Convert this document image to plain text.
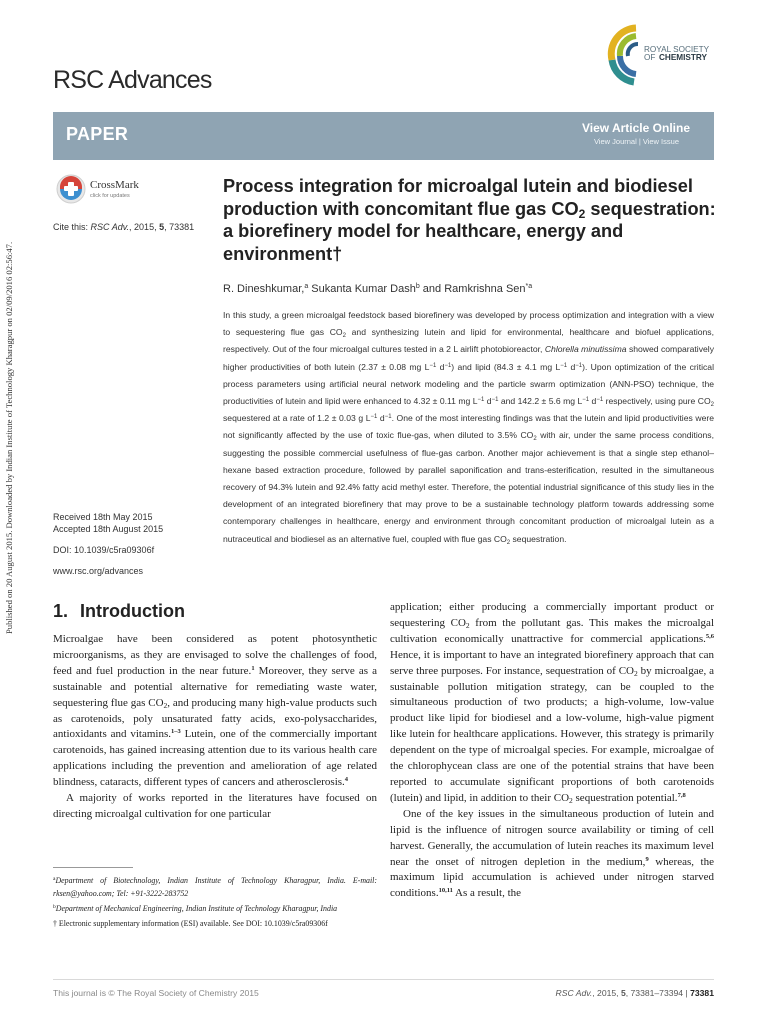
Published on 20 August 2015. Downloaded by Indian Institute of Technology Kharagpur on 02/09/2016 02:56:47.
RSC Advances
ROYAL SOCIETY
OF CHEMISTRY
PAPER	View Article Online
View Journal | View Issue
CrossMark
click for updates
Cite this: RSC Adv., 2015, 5, 73381
Received 18th May 2015
Accepted 18th August 2015
DOI: 10.1039/c5ra09306f
www.rsc.org/advances
Process integration for microalgal lutein and biodiesel production with concomitant flue gas $CO_2$ sequestration: a biorefinery model for healthcare, energy and environment†
R. Dineshkumar,$^a$ Sukanta Kumar Dash$^b$ and Ramkrishna Sen$^{*a}$
In this study, a green microalgal feedstock based biorefinery was developed by process optimization and integration with a view to sequestering flue gas $CO_2$ and synthesizing lutein and lipid for environmental, healthcare and biofuel applications, respectively. Out of the four microalgal cultures tested in a 2 L airlift photobioreactor, Chlorella minutissima showed comparatively higher productivities of both lutein (2.37 ± 0.08 mg $L^{-1}$ $d^{-1}$) and lipid (84.3 ± 4.1 mg $L^{-1}$ $d^{-1}$). Upon optimization of the critical process parameters using artificial neural network modeling and the particle swarm optimization (ANN-PSO) technique, the productivities of lutein and lipid were enhanced to 4.32 ± 0.11 mg $L^{-1}$ $d^{-1}$ and 142.2 ± 5.6 mg $L^{-1}$ $d^{-1}$ respectively, using pure $CO_2$ sequestered at a rate of 1.2 ± 0.03 g $L^{-1}$ $d^{-1}$. One of the most interesting findings was that the lutein and lipid productivities were not significantly affected by the use of toxic flue-gas, when diluted to 3.5% $CO_2$ with air, under the same process conditions, suggesting the possible commercial usefulness of flue-gas carbon. Another major achievement is that a single step ethanol–hexane based extraction procedure, followed by parallel saponification and trans-esterification, resulted in the simultaneous recovery of 94.3% lutein and 92.4% fatty acid methyl ester. Therefore, the potential industrial significance of this study lies in the development of an integrated biorefinery that may prove to be a sustainable technology platform towards addressing some contemporary challenges in healthcare, energy and environment through concomitant production of microalgal lutein as a nutraceutical and biodiesel as an alternative fuel, coupled with flue gas $CO_2$ sequestration.
1. Introduction

Microalgae have been considered as potent photosynthetic microorganisms, as they are envisaged to solve the challenges of food, feed and fuel production in the near future.$^1$ Moreover, they serve as a sustainable and potential alternative for remediating waste water, sequestering flue gas $CO_2$, and producing many high-value products such as carotenoids, poly unsaturated fatty acids, exo-polysaccharides, antioxidants and vitamins.$^{1-3}$ Lutein, one of the commercially important carotenoids, has gained increasing attention due to its various health care applications including the prevention and amelioration of age related blindness, cataracts, different types of cancers and atherosclerosis.$^4$

A majority of works reported in the literatures have focused on directing microalgal cultivation for one particular

application; either producing a commercially important product or sequestering $CO_2$ from the pollutant gas. This makes the microalgal cultivation economically unattractive for commercial applications.$^{5,6}$ Hence, it is important to have an integrated biorefinery approach that can serve three purposes. For instance, sequestration of $CO_2$ by microalgae, a sustainable pollution mitigation strategy, can be coupled to the simultaneous production of two products; a high-volume, low-value product like lipid for biodiesel and a low-volume, high-value pigment like lutein for healthcare applications. However, this strategy is primarily dependent on the type of microalgal species. For example, microalgae of the chlorophycean class are one of the potential strains that have been reported to accumulate significant proportions of both carotenoids (lutein) and lipid, in addition to their $CO_2$ sequestration potential.$^{7,8}$

One of the key issues in the simultaneous production of lutein and lipid is the influence of nitrogen source availability or timing of cell harvest. Generally, the accumulation of lutein reaches its maximum level near the onset of nitrogen depletion in the medium,$^9$ whereas, the maximum lipid accumulation is achieved under nitrogen starved conditions.$^{10,11}$ As a result, the

$^a$Department of Biotechnology, Indian Institute of Technology Kharagpur, India. E-mail: rksen@yahoo.com; Tel: +91-3222-283752

$^b$Department of Mechanical Engineering, Indian Institute of Technology Kharagpur, India

† Electronic supplementary information (ESI) available. See DOI: 10.1039/c5ra09306f

This journal is © The Royal Society of Chemistry 2015	RSC Adv., 2015, 5, 73381–73394 | 73381
